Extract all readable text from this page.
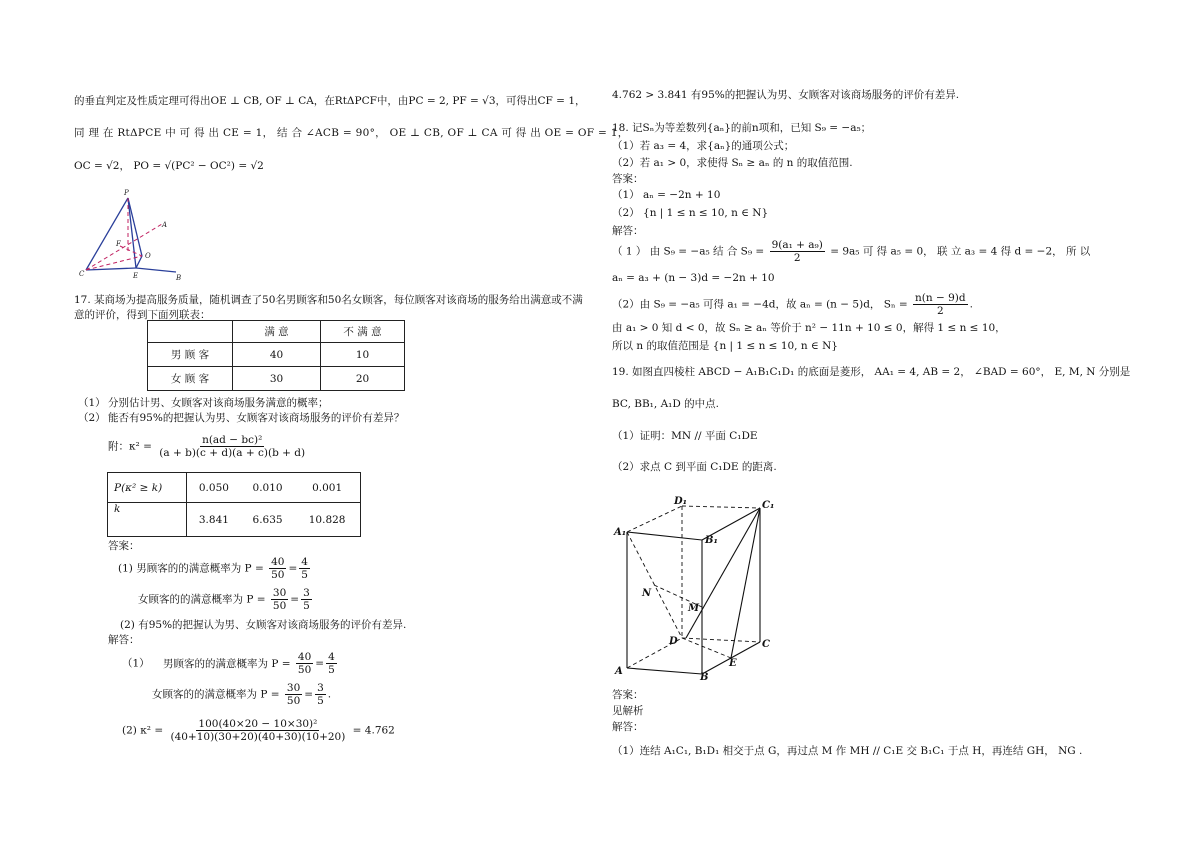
的垂直判定及性质定理可得出OE ⊥ CB, OF ⊥ CA，在RtΔPCF中，由PC = 2, PF = √3，可得出CF = 1，
同 理 在 RtΔPCE 中 可 得 出 CE = 1， 结 合 ∠ACB = 90°， OE ⊥ CB, OF ⊥ CA 可 得 出 OE = OF = 1，
OC = √2， PO = √(PC² − OC²) = √2
P
A
F
O
C	E	B
17. 某商场为提高服务质量，随机调查了50名男顾客和50名女顾客，每位顾客对该商场的服务给出满意或不满
意的评价，得到下面列联表：
	满 意	不 满 意
男 顾 客	40	10
女 顾 客	30	20
（1） 分别估计男、女顾客对该商场服务满意的概率；
（2） 能否有95%的把握认为男、女顾客对该商场服务的评价有差异？
附：$\kappa^2 = \frac{\text{n(ad − bc)²}}{(a + b)(c + d)(a + c)(b + d)}$
P(κ² ≥ k)	0.050	0.010	0.001
k	3.841	6.635	10.828
答案：
(1) 男顾客的的满意概率为 $P = \frac{40}{50} = \frac{4}{5}$
女顾客的的满意概率为 $P = \frac{30}{50} = \frac{3}{5}$
(2) 有95%的把握认为男、女顾客对该商场服务的评价有差异.
解答：
（1） 男顾客的的满意概率为 $P = \frac{40}{50} = \frac{4}{5}$
女顾客的的满意概率为 $P = \frac{30}{50} = \frac{3}{5}$ .
(2) $\kappa^2 = \frac{\text{100(40×20 − 10×30)²}}{(40+10)(30+20)(40+30)(10+20)} = 4.762$
4.762 > 3.841 有95%的把握认为男、女顾客对该商场服务的评价有差异.
18. 记Sₙ为等差数列{aₙ}的前n项和，已知 S₉ = −a₅；
（1）若 a₃ = 4，求{aₙ}的通项公式；
（2）若 a₁ > 0，求使得 Sₙ ≥ aₙ 的 n 的取值范围.
答案：
（1） aₙ = −2n + 10
（2） {n | 1 ≤ n ≤ 10, n ∈ N}
解答：
（ 1 ） 由 S₉ = −a₅ 结 合 $S_9 = \frac{\text{9(a₁ + a₉)}}{2} = 9a_5$ 可 得 a₅ = 0， 联 立 a₃ = 4 得 d = −2， 所 以
aₙ = a₃ + (n − 3)d = −2n + 10
（2）由 S₉ = −a₅ 可得 a₁ = −4d，故 aₙ = (n − 5)d， $S_n = \frac{n(n - 9)d}{2}$ .
由 a₁ > 0 知 d < 0，故 Sₙ ≥ aₙ 等价于 n² − 11n + 10 ≤ 0，解得 1 ≤ n ≤ 10，
所以 n 的取值范围是 {n | 1 ≤ n ≤ 10, n ∈ N}
19. 如图直四棱柱 ABCD − A₁B₁C₁D₁ 的底面是菱形， AA₁ = 4, AB = 2， ∠BAD = 60°， E, M, N 分别是
BC, BB₁, A₁D 的中点.
（1）证明：MN // 平面 C₁DE
（2）求点 C 到平面 C₁DE 的距离.
D₁	C₁
A₁
B₁
N
M
D	C
A
E
B
答案：
见解析
解答：
（1）连结 A₁C₁, B₁D₁ 相交于点 G，再过点 M 作 MH // C₁E 交 B₁C₁ 于点 H，再连结 GH， NG .
